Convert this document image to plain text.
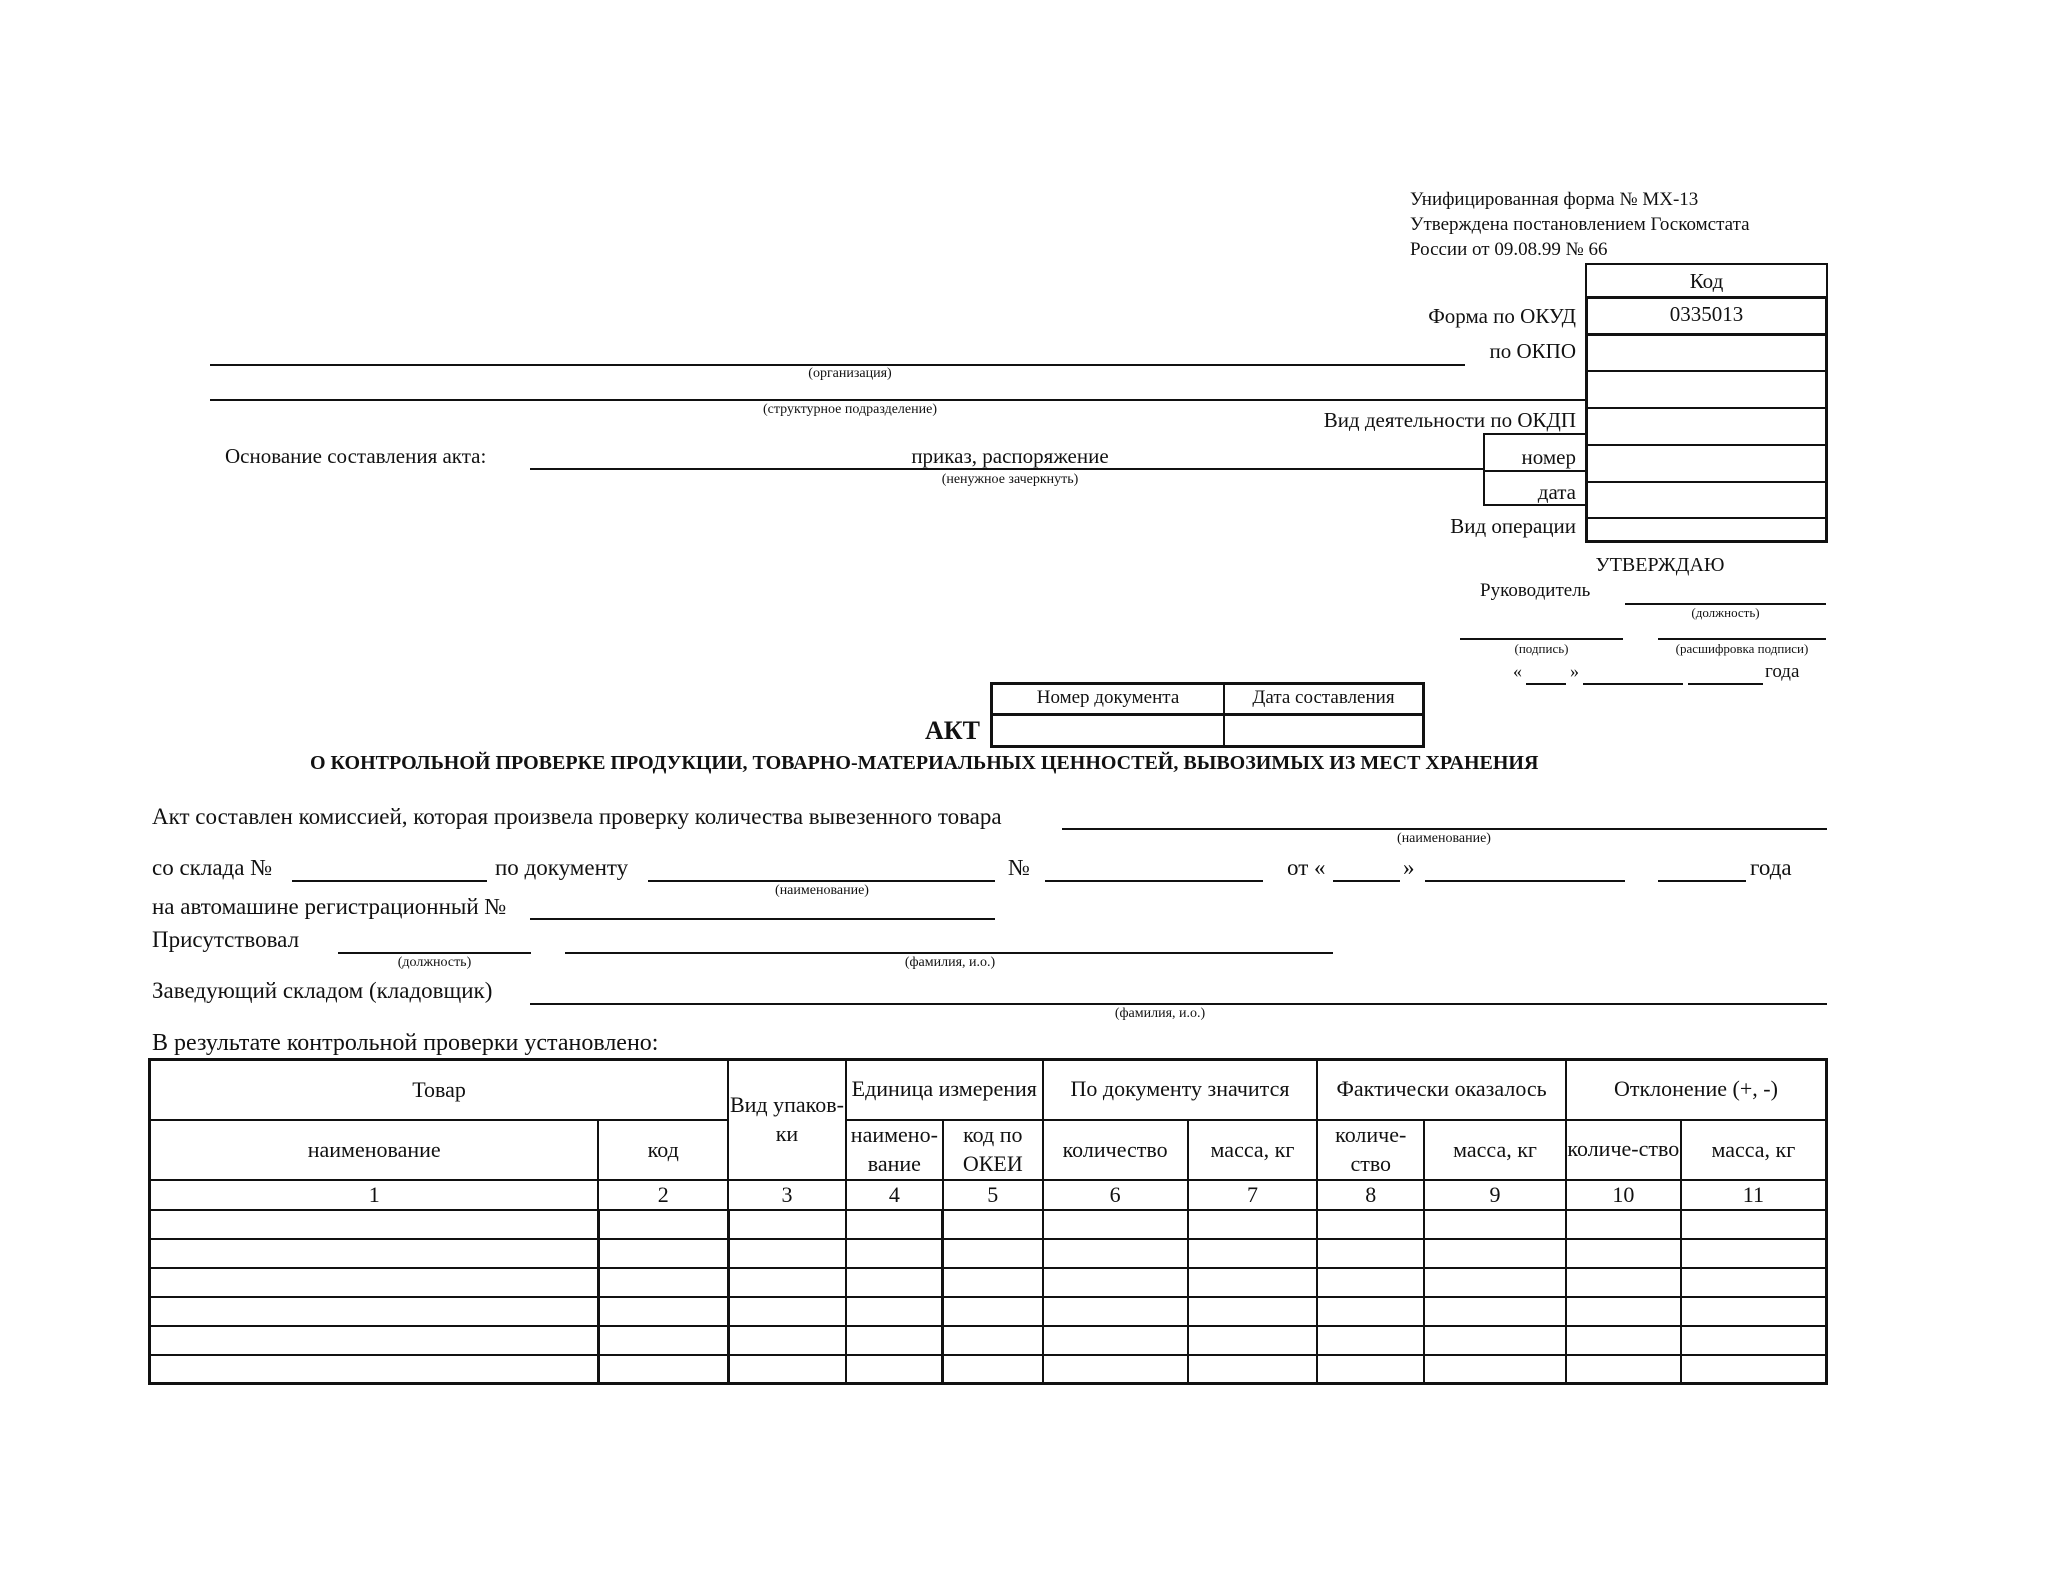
Унифицированная форма № МХ-13
Утверждена постановлением Госкомстата
России от 09.08.99 № 66
Код
0335013
Форма по ОКУД
по ОКПО
Вид деятельности по ОКДП
номер
дата
Вид операции
(организация)
(структурное подразделение)
Основание составления акта:	приказ, распоряжение
(ненужное зачеркнуть)
УТВЕРЖДАЮ
Руководитель
(должность)
(подпись)	(расшифровка подписи)
«	»	года
Номер документа	Дата составления
АКТ
О КОНТРОЛЬНОЙ ПРОВЕРКЕ ПРОДУКЦИИ, ТОВАРНО-МАТЕРИАЛЬНЫХ ЦЕННОСТЕЙ, ВЫВОЗИМЫХ ИЗ МЕСТ ХРАНЕНИЯ
Акт составлен комиссией, которая произвела проверку количества вывезенного товара
(наименование)
со склада №	по документу
(наименование)
№	от «	»	года
на автомашине регистрационный №
Присутствовал
(должность)	(фамилия, и.о.)
Заведующий складом (кладовщик)
(фамилия, и.о.)
В результате контрольной проверки установлено:
Товар		Вид упаков-ки	Единица измерения		По документу значится		Фактически оказалось		Отклонение (+, -)	
наименование	код		наимено-вание	код по ОКЕИ	количество	масса, кг	количе-ство	масса, кг	количе-ство	масса, кг
1	2	3	4	5	6	7	8	9	10	11
